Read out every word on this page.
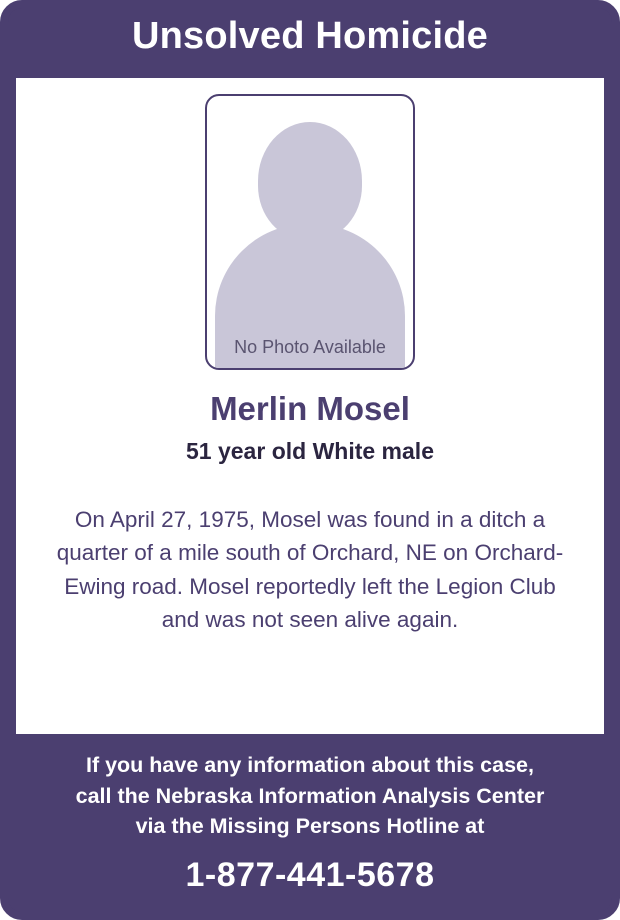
Unsolved Homicide
No Photo Available
Merlin Mosel
51 year old White male
On April 27, 1975, Mosel was found in a ditch a quarter of a mile south of Orchard, NE on Orchard-Ewing road. Mosel reportedly left the Legion Club and was not seen alive again.
If you have any information about this case,
call the Nebraska Information Analysis Center
via the Missing Persons Hotline at
1-877-441-5678
